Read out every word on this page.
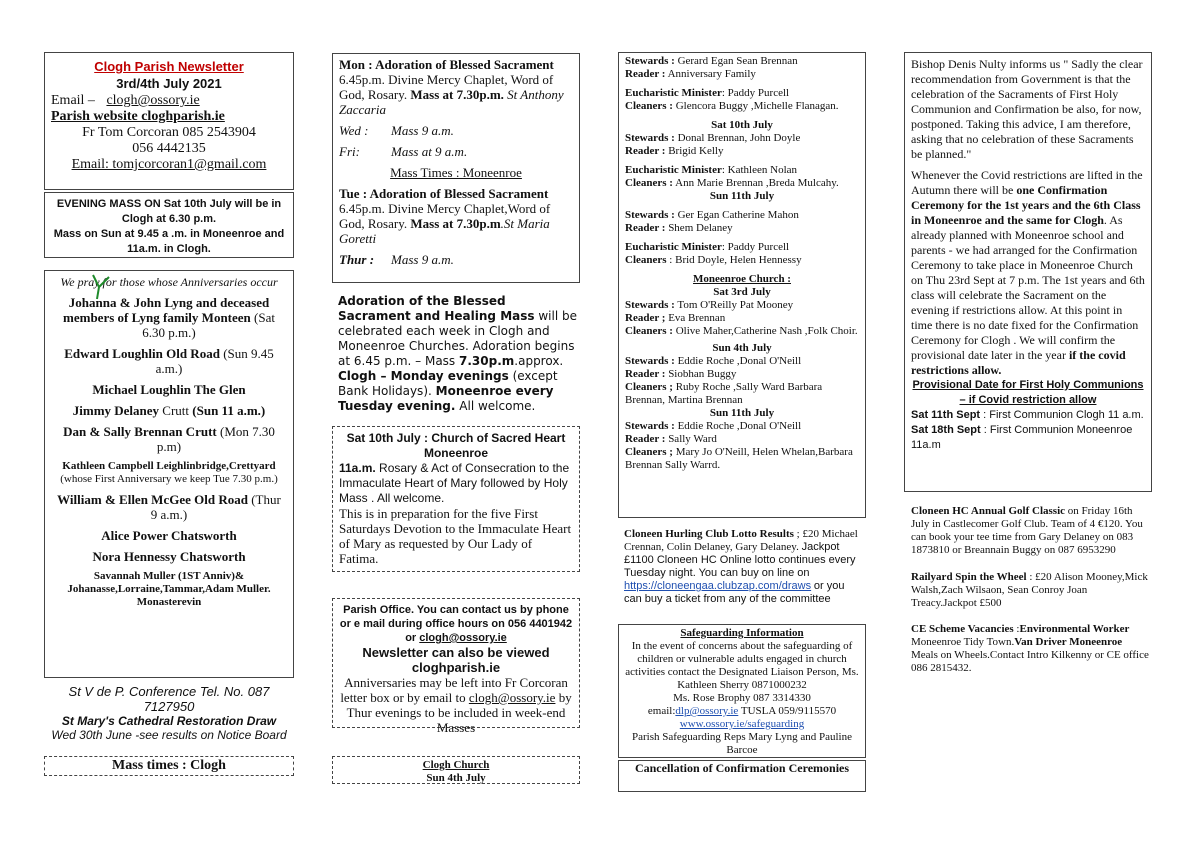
Clogh Parish Newsletter
3rd/4th July 2021
Email – clogh@ossory.ie
Parish website cloghparish.ie
Fr Tom Corcoran 085 2543904
056 4442135
Email: tomjcorcoran1@gmail.com

EVENING MASS ON Sat 10th July will be in Clogh at 6.30 p.m.

Mass on Sun at 9.45 a .m. in Moneenroe and 11a.m. in Clogh.

We pray for those whose Anniversaries occur

Johanna & John Lyng and deceased members of Lyng family Monteen (Sat 6.30 p.m.)

Edward Loughlin Old Road (Sun 9.45 a.m.)

Michael Loughlin The Glen

Jimmy Delaney Crutt (Sun 11 a.m.)

Dan & Sally Brennan Crutt (Mon 7.30 p.m)

Kathleen Campbell Leighlinbridge,Crettyard (whose First Anniversary we keep Tue 7.30 p.m.)

William & Ellen McGee Old Road (Thur 9 a.m.)

Alice Power Chatsworth

Nora Hennessy Chatsworth

Savannah Muller (1ST Anniv)& Johanasse,Lorraine,Tammar,Adam Muller. Monasterevin

St V de P. Conference Tel. No. 087 7127950

St Mary's Cathedral Restoration Draw

Wed 30th June -see results on Notice Board

Mass times : Clogh

Mon : Adoration of Blessed Sacrament
6.45p.m. Divine Mercy Chaplet, Word of God, Rosary. Mass at 7.30p.m. St Anthony Zaccaria

Wed : Mass 9 a.m.

Fri: Mass at 9 a.m.

Mass Times : Moneenroe

Tue : Adoration of Blessed Sacrament
6.45p.m. Divine Mercy Chaplet,Word of God, Rosary. Mass at 7.30p.m.St Maria Goretti

Thur : Mass 9 a.m.

Adoration of the Blessed Sacrament and Healing Mass will be celebrated each week in Clogh and Moneenroe Churches. Adoration begins at 6.45 p.m. – Mass 7.30p.m.approx. Clogh – Monday evenings (except Bank Holidays). Moneenroe every Tuesday evening. All welcome.

Sat 10th July : Church of Sacred Heart Moneenroe

11a.m. Rosary & Act of Consecration to the Immaculate Heart of Mary followed by Holy Mass . All welcome.

This is in preparation for the five First Saturdays Devotion to the Immaculate Heart of Mary as requested by Our Lady of Fatima.

Parish Office. You can contact us by phone or e mail during office hours on 056 4401942 or clogh@ossory.ie

Newsletter can also be viewed cloghparish.ie

Anniversaries may be left into Fr Corcoran letter box or by email to clogh@ossory.ie by Thur evenings to be included in week-end Masses

Clogh Church

Sun 4th July

Stewards : Gerard Egan Sean Brennan

Reader : Anniversary Family

Eucharistic Minister: Paddy Purcell

Cleaners : Glencora Buggy ,Michelle Flanagan.

Sat 10th July

Stewards : Donal Brennan, John Doyle

Reader : Brigid Kelly

Eucharistic Minister: Kathleen Nolan

Cleaners : Ann Marie Brennan ,Breda Mulcahy.

Sun 11th July

Stewards : Ger Egan Catherine Mahon

Reader : Shem Delaney

Eucharistic Minister: Paddy Purcell

Cleaners : Brid Doyle, Helen Hennessy

Moneenroe Church :

Sat 3rd July

Stewards : Tom O'Reilly Pat Mooney

Reader ; Eva Brennan

Cleaners : Olive Maher,Catherine Nash ,Folk Choir.

Sun 4th July

Stewards : Eddie Roche ,Donal O'Neill

Reader : Siobhan Buggy

Cleaners ; Ruby Roche ,Sally Ward Barbara Brennan, Martina Brennan

Sun 11th July

Stewards : Eddie Roche ,Donal O'Neill

Reader : Sally Ward

Cleaners ; Mary Jo O'Neill, Helen Whelan,Barbara Brennan Sally Warrd.

Cloneen Hurling Club Lotto Results ; £20 Michael Crennan, Colin Delaney, Gary Delaney. Jackpot £1100 Cloneen HC Online lotto continues every Tuesday night. You can buy on line on https://cloneengaa.clubzap.com/draws or you can buy a ticket from any of the committee

Safeguarding Information

In the event of concerns about the safeguarding of children or vulnerable adults engaged in church activities contact the Designated Liaison Person, Ms. Kathleen Sherry 0871000232

Ms. Rose Brophy 087 3314330

email:dlp@ossory.ie TUSLA 059/9115570

www.ossory.ie/safeguarding

Parish Safeguarding Reps Mary Lyng and Pauline Barcoe

Cancellation of Confirmation Ceremonies

Bishop Denis Nulty informs us " Sadly the clear recommendation from Government is that the celebration of the Sacraments of First Holy Communion and Confirmation be also, for now, postponed. Taking this advice, I am therefore, asking that no celebration of these Sacraments be planned."

Whenever the Covid restrictions are lifted in the Autumn there will be one Confirmation Ceremony for the 1st years and the 6th Class in Moneenroe and the same for Clogh. As already planned with Moneenroe school and parents - we had arranged for the Confirmation Ceremony to take place in Moneenroe Church on Thu 23rd Sept at 7 p.m. The 1st years and 6th class will celebrate the Sacrament on the evening if restrictions allow. At this point in time there is no date fixed for the Confirmation Ceremony for Clogh . We will confirm the provisional date later in the year if the covid restrictions allow.

Provisional Date for First Holy Communions – if Covid restriction allow

Sat 11th Sept : First Communion Clogh 11 a.m.

Sat 18th Sept : First Communion Moneenroe 11a.m

Cloneen HC Annual Golf Classic on Friday 16th July in Castlecomer Golf Club. Team of 4 €120. You can book your tee time from Gary Delaney on 083 1873810 or Breannain Buggy on 087 6953290
Railyard Spin the Wheel : £20 Alison Mooney,Mick Walsh,Zach Wilsaon, Sean Conroy Joan Treacy.Jackpot £500
CE Scheme Vacancies :Environmental Worker Moneenroe Tidy Town.Van Driver Moneenroe Meals on Wheels.Contact Intro Kilkenny or CE office 086 2815432.
